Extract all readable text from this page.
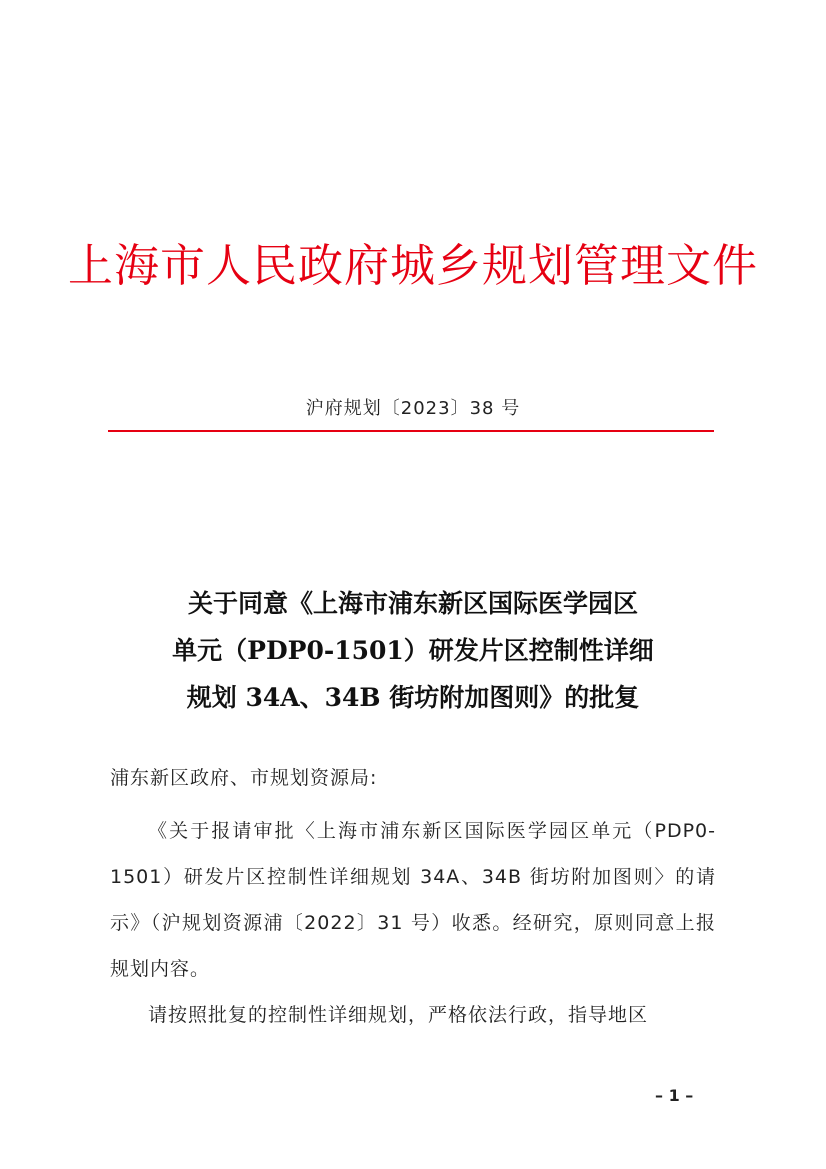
上海市人民政府城乡规划管理文件
沪府规划〔2023〕38 号
关于同意《上海市浦东新区国际医学园区
单元（PDP0-1501）研发片区控制性详细
规划 34A、34B 街坊附加图则》的批复
浦东新区政府、市规划资源局:

《关于报请审批〈上海市浦东新区国际医学园区单元（PDP0-1501）研发片区控制性详细规划 34A、34B 街坊附加图则〉的请示》（沪规划资源浦〔2022〕31 号）收悉。经研究，原则同意上报规划内容。

请按照批复的控制性详细规划，严格依法行政，指导地区

– 1 –
